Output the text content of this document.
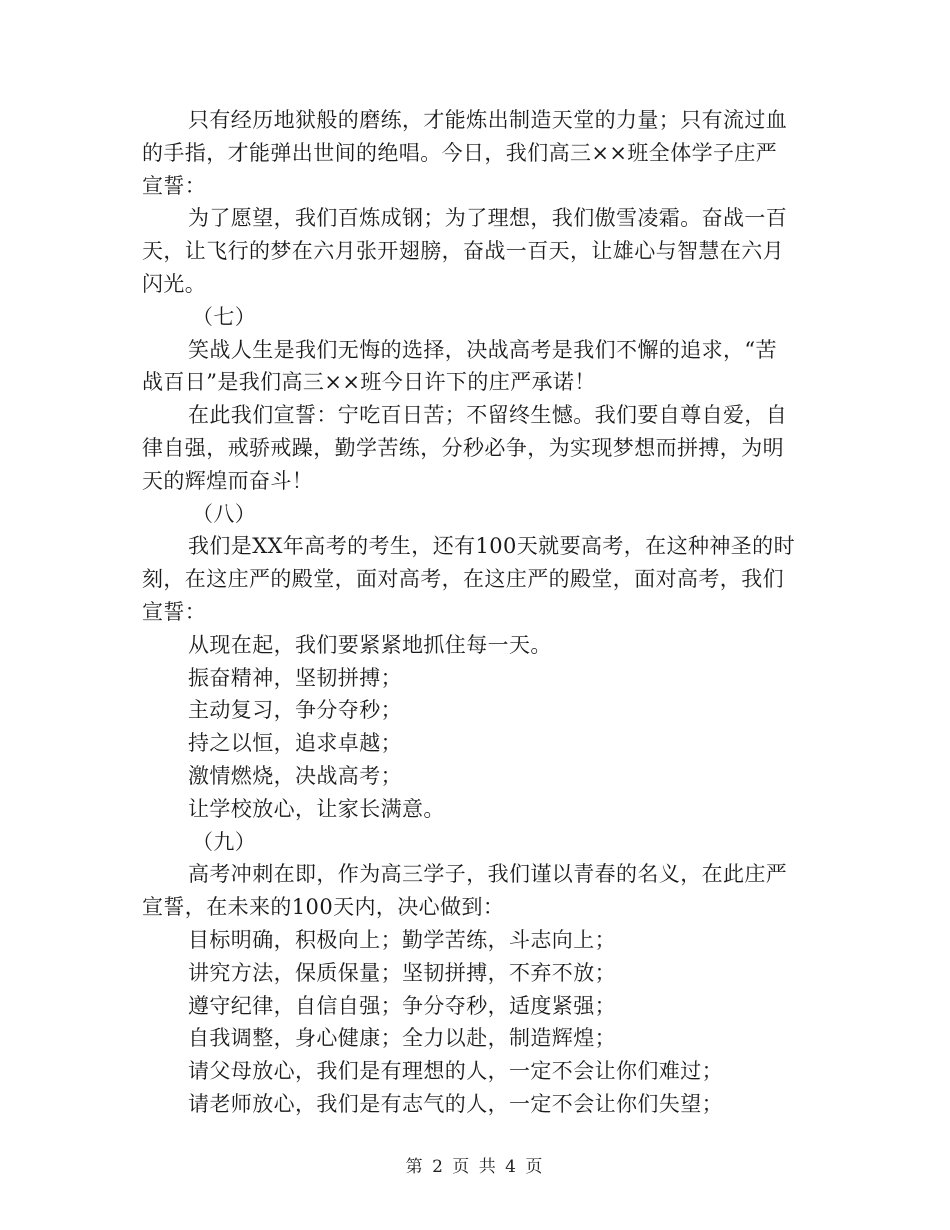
只有经历地狱般的磨练，才能炼出制造天堂的力量；只有流过血
的手指，才能弹出世间的绝唱。今日，我们高三××班全体学子庄严
宣誓：
为了愿望，我们百炼成钢；为了理想，我们傲雪凌霜。奋战一百
天，让飞行的梦在六月张开翅膀，奋战一百天，让雄心与智慧在六月
闪光。
（七）
笑战人生是我们无悔的选择，决战高考是我们不懈的追求，“苦
战百日”是我们高三××班今日许下的庄严承诺！
在此我们宣誓：宁吃百日苦；不留终生憾。我们要自尊自爱，自
律自强，戒骄戒躁，勤学苦练，分秒必争，为实现梦想而拼搏，为明
天的辉煌而奋斗！
（八）
我们是XX年高考的考生，还有100天就要高考，在这种神圣的时
刻，在这庄严的殿堂，面对高考，在这庄严的殿堂，面对高考，我们
宣誓：
从现在起，我们要紧紧地抓住每一天。
振奋精神，坚韧拼搏；
主动复习，争分夺秒；
持之以恒，追求卓越；
激情燃烧，决战高考；
让学校放心，让家长满意。
（九）
高考冲刺在即，作为高三学子，我们谨以青春的名义，在此庄严
宣誓，在未来的100天内，决心做到：
目标明确，积极向上；勤学苦练，斗志向上；
讲究方法，保质保量；坚韧拼搏，不弃不放；
遵守纪律，自信自强；争分夺秒，适度紧强；
自我调整，身心健康；全力以赴，制造辉煌；
请父母放心，我们是有理想的人，一定不会让你们难过；
请老师放心，我们是有志气的人，一定不会让你们失望；
第 2 页 共 4 页
